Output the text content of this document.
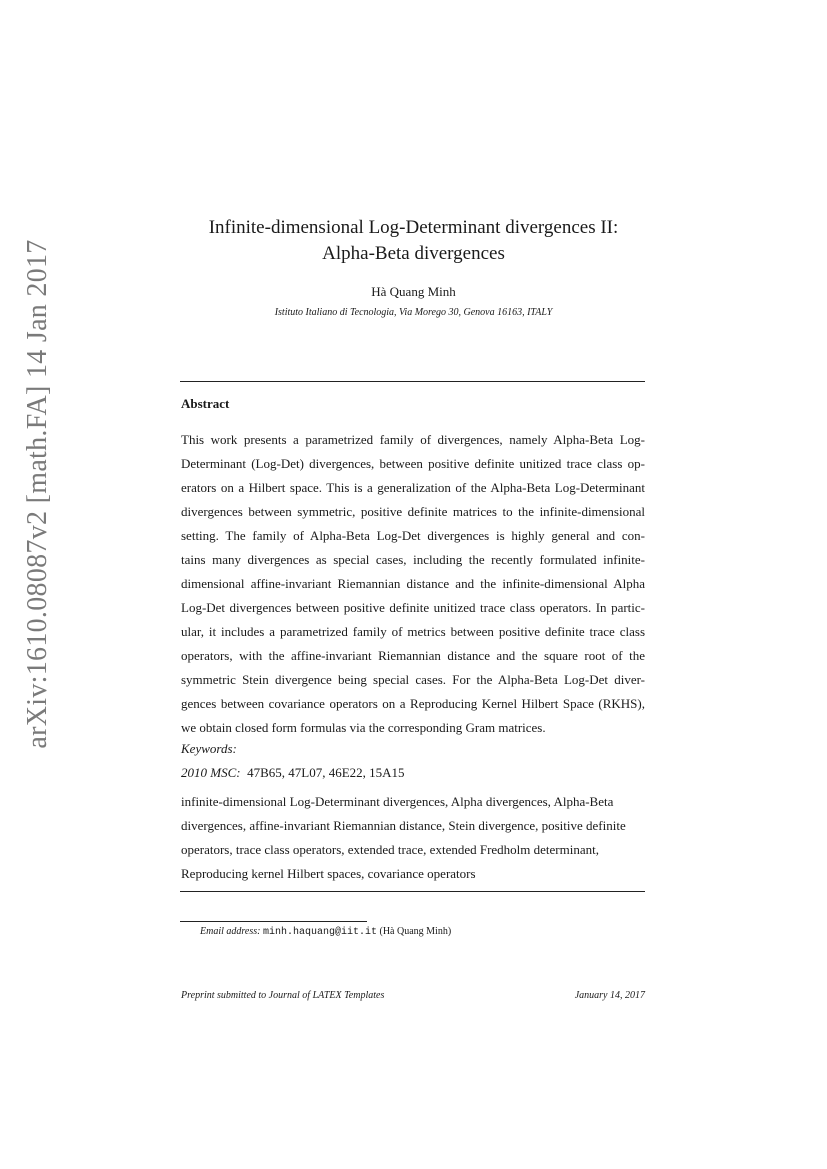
arXiv:1610.08087v2 [math.FA] 14 Jan 2017
Infinite-dimensional Log-Determinant divergences II:
Alpha-Beta divergences
Hà Quang Minh
Istituto Italiano di Tecnologia, Via Morego 30, Genova 16163, ITALY
Abstract
This work presents a parametrized family of divergences, namely Alpha-Beta Log-
Determinant (Log-Det) divergences, between positive definite unitized trace class op-
erators on a Hilbert space. This is a generalization of the Alpha-Beta Log-Determinant
divergences between symmetric, positive definite matrices to the infinite-dimensional
setting. The family of Alpha-Beta Log-Det divergences is highly general and con-
tains many divergences as special cases, including the recently formulated infinite-
dimensional affine-invariant Riemannian distance and the infinite-dimensional Alpha
Log-Det divergences between positive definite unitized trace class operators. In partic-
ular, it includes a parametrized family of metrics between positive definite trace class
operators, with the affine-invariant Riemannian distance and the square root of the
symmetric Stein divergence being special cases. For the Alpha-Beta Log-Det diver-
gences between covariance operators on a Reproducing Kernel Hilbert Space (RKHS),
we obtain closed form formulas via the corresponding Gram matrices.
Keywords:
2010 MSC: 47B65, 47L07, 46E22, 15A15
infinite-dimensional Log-Determinant divergences, Alpha divergences, Alpha-Beta
divergences, affine-invariant Riemannian distance, Stein divergence, positive definite
operators, trace class operators, extended trace, extended Fredholm determinant,
Reproducing kernel Hilbert spaces, covariance operators
Email address: minh.haquang@iit.it (Hà Quang Minh)
Preprint submitted to Journal of LATEX Templates	January 14, 2017
